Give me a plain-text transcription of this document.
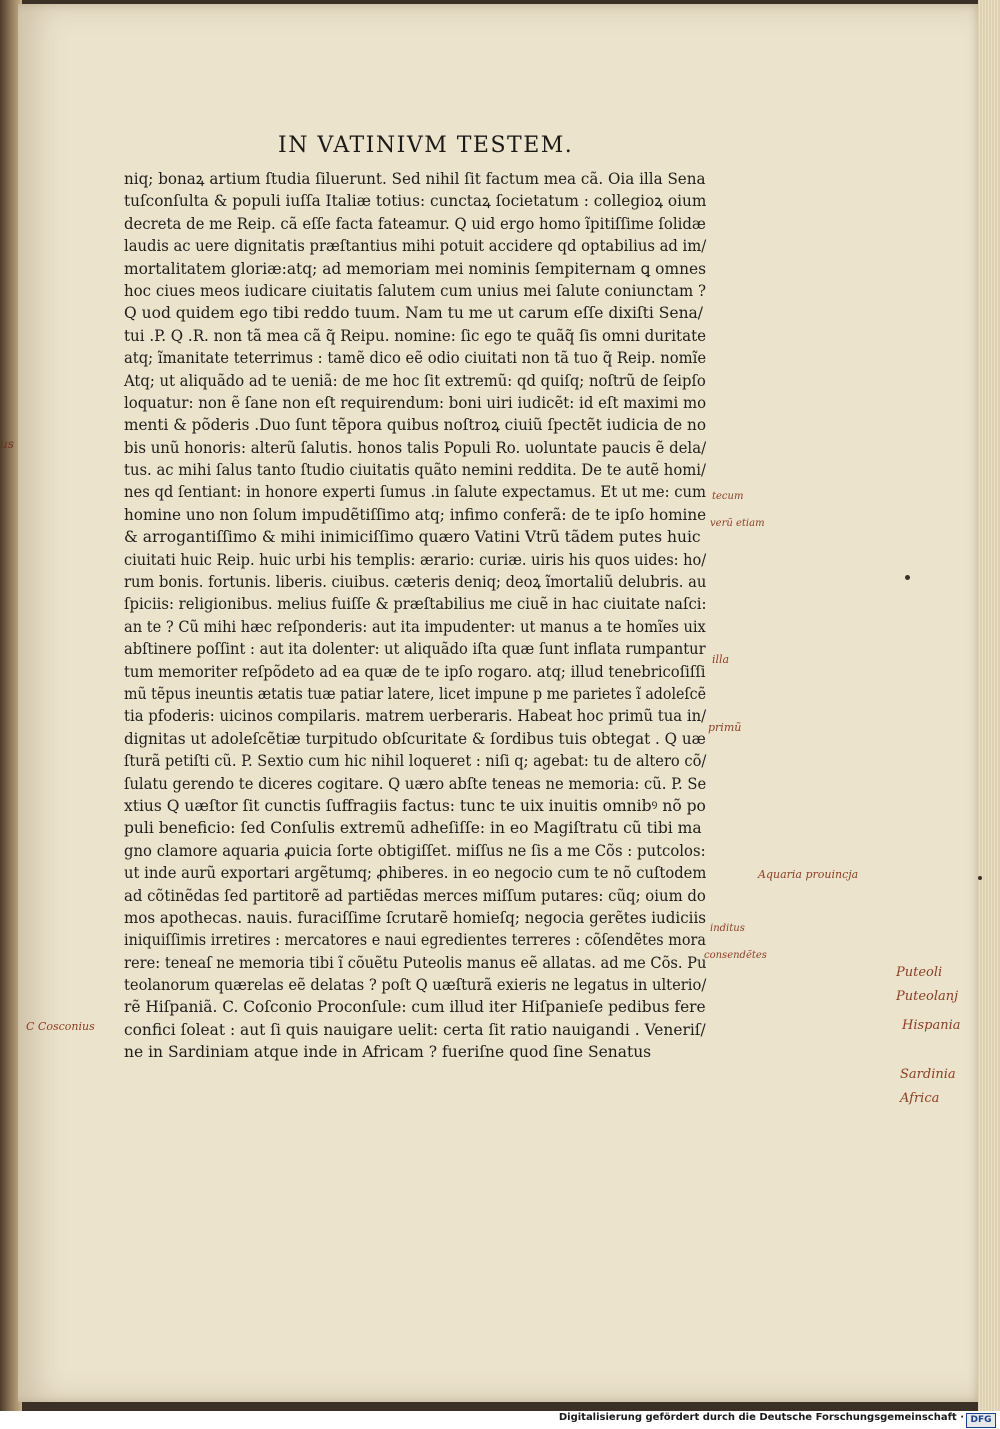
IN VATINIVM TESTEM.
niq; bonaꝝ artium ſtudia ſiluerunt. Sed nihil ſit factum mea cã. Oia illa Sena
tuſconſulta & populi iuſſa Italiæ totius: cunctaꝝ ſocietatum : collegioꝝ oium
decreta de me Reip. cã eſſe facta fateamur. Q uid ergo homo ĩpitiſſime ſolidæ
laudis ac uere dignitatis præſtantius mihi potuit accidere qd optabilius ad im/
mortalitatem gloriæ:atq; ad memoriam mei nominis ſempiternam ꝗ omnes
hoc ciues meos iudicare ciuitatis ſalutem cum unius mei ſalute coniunctam ?
Q uod quidem ego tibi reddo tuum. Nam tu me ut carum eſſe dixiſti Sena/
tui .P. Q .R. non tã mea cã q̃ Reipu. nomine: ſic ego te quãq̃ ſis omni duritate
atq; ĩmanitate teterrimus : tamẽ dico eẽ odio ciuitati non tã tuo q̃ Reip. nomĩe
Atq; ut aliquãdo ad te ueniã: de me hoc ſit extremũ: qd quiſq; noſtrũ de ſeipſo
loquatur: non ẽ ſane non eſt requirendum: boni uiri iudicẽt: id eſt maximi mo
menti & põderis .Duo ſunt tẽpora quibus noſtroꝝ ciuiũ ſpectẽt iudicia de no
bis unũ honoris: alterũ ſalutis. honos talis Populi Ro. uoluntate paucis ẽ dela/
tus. ac mihi ſalus tanto ſtudio ciuitatis quãto nemini reddita. De te autẽ homi/
nes qd ſentiant: in honore experti ſumus .in ſalute expectamus. Et ut me: cum
homine uno non ſolum impudẽtiſſimo atq; infimo conferã: de te ipſo homine
& arrogantiſſimo & mihi inimiciſſimo quæro Vatini Vtrũ tãdem putes huic
ciuitati huic Reip. huic urbi his templis: ærario: curiæ. uiris his quos uides: ho/
rum bonis. fortunis. liberis. ciuibus. cæteris deniq; deoꝝ ĩmortaliũ delubris. au
ſpiciis: religionibus. melius fuiſſe & præſtabilius me ciuẽ in hac ciuitate naſci:
an te ? Cũ mihi hæc reſponderis: aut ita impudenter: ut manus a te homĩes uix
abſtinere poſſint : aut ita dolenter: ut aliquãdo iſta quæ ſunt inflata rumpantur
tum memoriter reſpõdeto ad ea quæ de te ipſo rogaro. atq; illud tenebricoſiſſi
mũ tẽpus ineuntis ætatis tuæ patiar latere, licet impune p me parietes ĩ adoleſcẽ
tia pfoderis: uicinos compilaris. matrem uerberaris. Habeat hoc primũ tua in/
dignitas ut adoleſcẽtiæ turpitudo obſcuritate & ſordibus tuis obtegat . Q uæ
ſturã petiſti cũ. P. Sextio cum hic nihil loqueret : niſi q; agebat: tu de altero cõ/
ſulatu gerendo te diceres cogitare. Q uæro abſte teneas ne memoria: cũ. P. Se
xtius Q uæſtor ſit cunctis ſuffragiis factus: tunc te uix inuitis omnibꝰ nõ po
puli beneficio: ſed Conſulis extremũ adheſiſſe: in eo Magiſtratu cũ tibi ma
gno clamore aquaria ꝓuicia ſorte obtigiſſet. miſſus ne ſis a me Cõs : putcolos:
ut inde aurũ exportari argẽtumq; ꝓhiberes. in eo negocio cum te nõ cuſtodem
ad cõtinẽdas ſed partitorẽ ad partiẽdas merces miſſum putares: cũq; oium do
mos apothecas. nauis. furaciſſime ſcrutarẽ homieſq; negocia gerẽtes iudiciis
iniquiſſimis irretires : mercatores e naui egredientes terreres : cõſendẽtes mora
rere: teneaſ ne memoria tibi ĩ cõuẽtu Puteolis manus eẽ allatas. ad me Cõs. Pu
teolanorum quærelas eẽ delatas ? poſt Q uæſturã exieris ne legatus in ulterio/
rẽ Hiſpaniã. C. Coſconio Proconſule: cum illud iter Hiſpanieſe pedibus fere
confici ſoleat : aut ſi quis nauigare uelit: certa ſit ratio nauigandi . Veneriſ/
ne in Sardiniam atque inde in Africam ? fueriſne quod ſine Senatus
us
tecum
verũ etiam
illa
primũ
Aquaria prouincja
inditus
consendẽtes
Puteoli
Puteolanj
Hispania
C Cosconius
Sardinia
Africa
Digitalisierung gefördert durch die Deutsche Forschungsgemeinschaft · DFG
